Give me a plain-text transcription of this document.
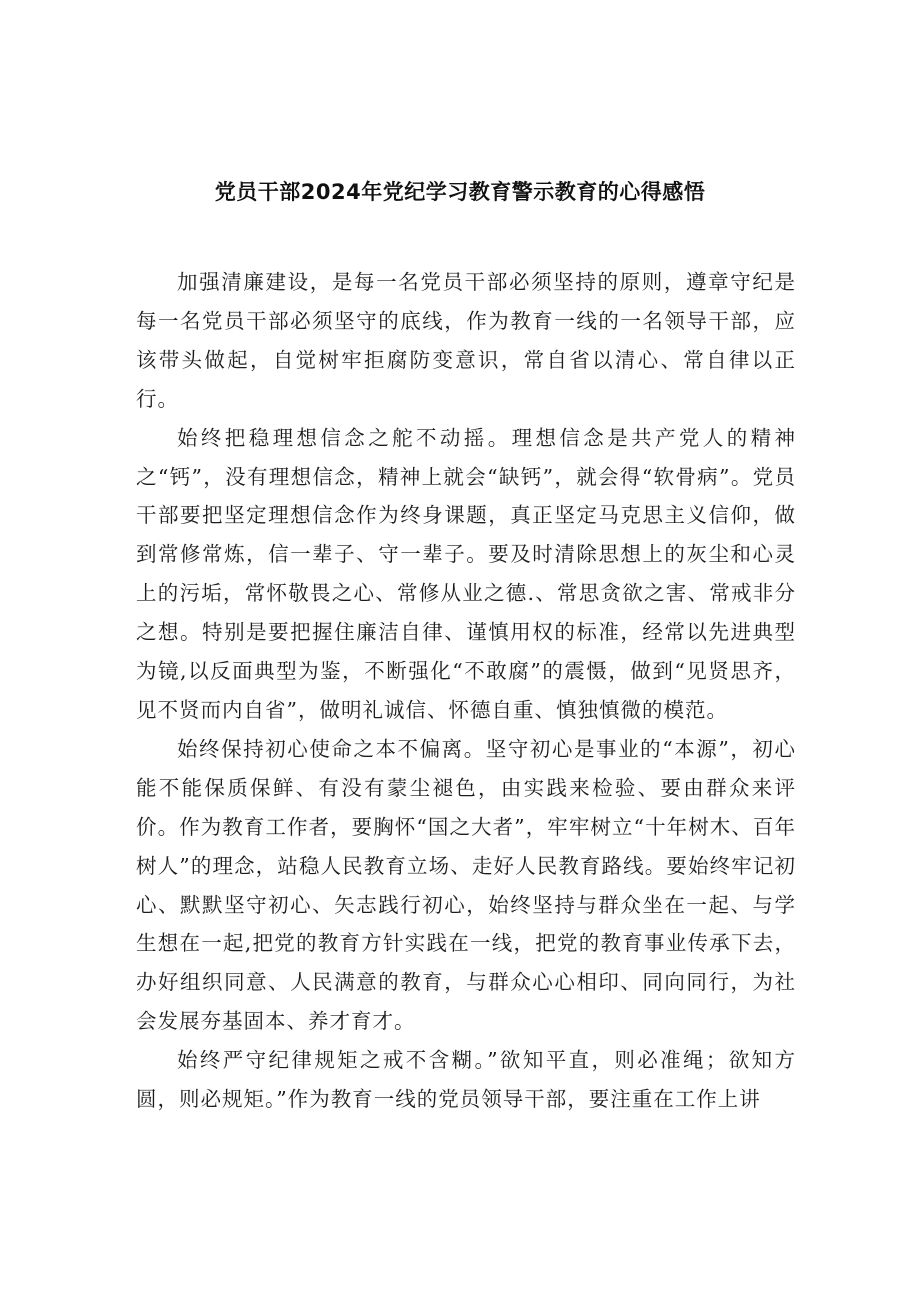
党员干部2024年党纪学习教育警示教育的心得感悟

加强清廉建设，是每一名党员干部必须坚持的原则，遵章守纪是每一名党员干部必须坚守的底线，作为教育一线的一名领导干部，应该带头做起，自觉树牢拒腐防变意识，常自省以清心、常自律以正行。

始终把稳理想信念之舵不动摇。理想信念是共产党人的精神之“钙”，没有理想信念，精神上就会“缺钙”，就会得“软骨病”。党员干部要把坚定理想信念作为终身课题，真正坚定马克思主义信仰，做到常修常炼，信一辈子、守一辈子。要及时清除思想上的灰尘和心灵上的污垢，常怀敬畏之心、常修从业之德.、常思贪欲之害、常戒非分之想。特别是要把握住廉洁自律、谨慎用权的标准，经常以先进典型为镜,以反面典型为鉴，不断强化“不敢腐”的震慑，做到“见贤思齐，见不贤而内自省”，做明礼诚信、怀德自重、慎独慎微的模范。

始终保持初心使命之本不偏离。坚守初心是事业的“本源”，初心能不能保质保鲜、有没有蒙尘褪色，由实践来检验、要由群众来评价。作为教育工作者，要胸怀“国之大者”，牢牢树立“十年树木、百年树人”的理念，站稳人民教育立场、走好人民教育路线。要始终牢记初心、默默坚守初心、矢志践行初心，始终坚持与群众坐在一起、与学生想在一起,把党的教育方针实践在一线，把党的教育事业传承下去，办好组织同意、人民满意的教育，与群众心心相印、同向同行，为社会发展夯基固本、养才育才。

始终严守纪律规矩之戒不含糊。”欲知平直，则必准绳；欲知方圆，则必规矩。”作为教育一线的党员领导干部，要注重在工作上讲
